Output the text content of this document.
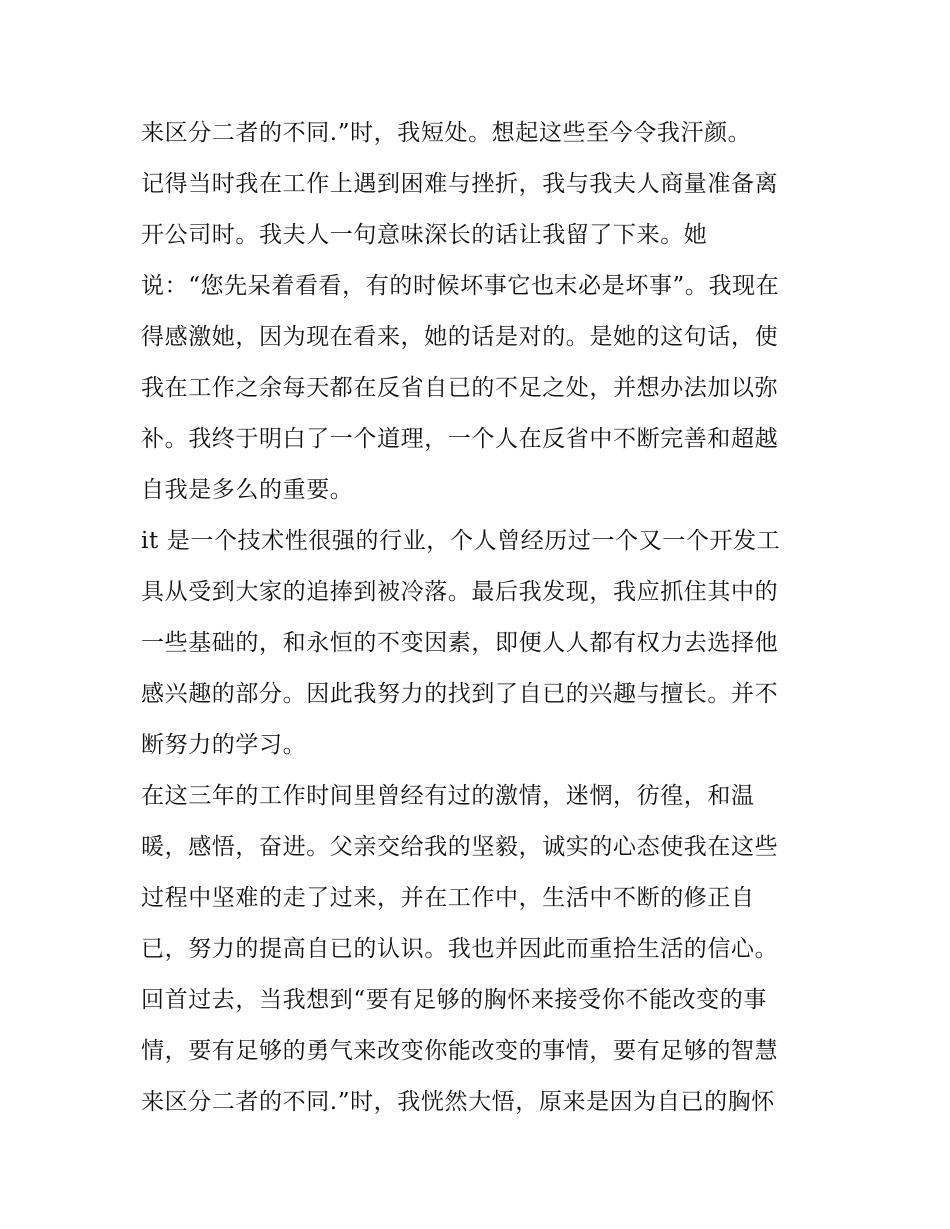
来区分二者的不同.”时，我短处。想起这些至今令我汗颜。
记得当时我在工作上遇到困难与挫折，我与我夫人商量准备离
开公司时。我夫人一句意味深长的话让我留了下来。她
说：“您先呆着看看，有的时候坏事它也末必是坏事”。我现在
得感激她，因为现在看来，她的话是对的。是她的这句话，使
我在工作之余每天都在反省自已的不足之处，并想办法加以弥
补。我终于明白了一个道理，一个人在反省中不断完善和超越
自我是多么的重要。
it 是一个技术性很强的行业，个人曾经历过一个又一个开发工
具从受到大家的追捧到被冷落。最后我发现，我应抓住其中的
一些基础的，和永恒的不变因素，即便人人都有权力去选择他
感兴趣的部分。因此我努力的找到了自已的兴趣与擅长。并不
断努力的学习。
在这三年的工作时间里曾经有过的激情，迷惘，彷徨，和温
暖，感悟，奋进。父亲交给我的坚毅，诚实的心态使我在这些
过程中坚难的走了过来，并在工作中，生活中不断的修正自
已，努力的提高自已的认识。我也并因此而重拾生活的信心。
回首过去，当我想到“要有足够的胸怀来接受你不能改变的事
情，要有足够的勇气来改变你能改变的事情，要有足够的智慧
来区分二者的不同.”时，我恍然大悟，原来是因为自已的胸怀
